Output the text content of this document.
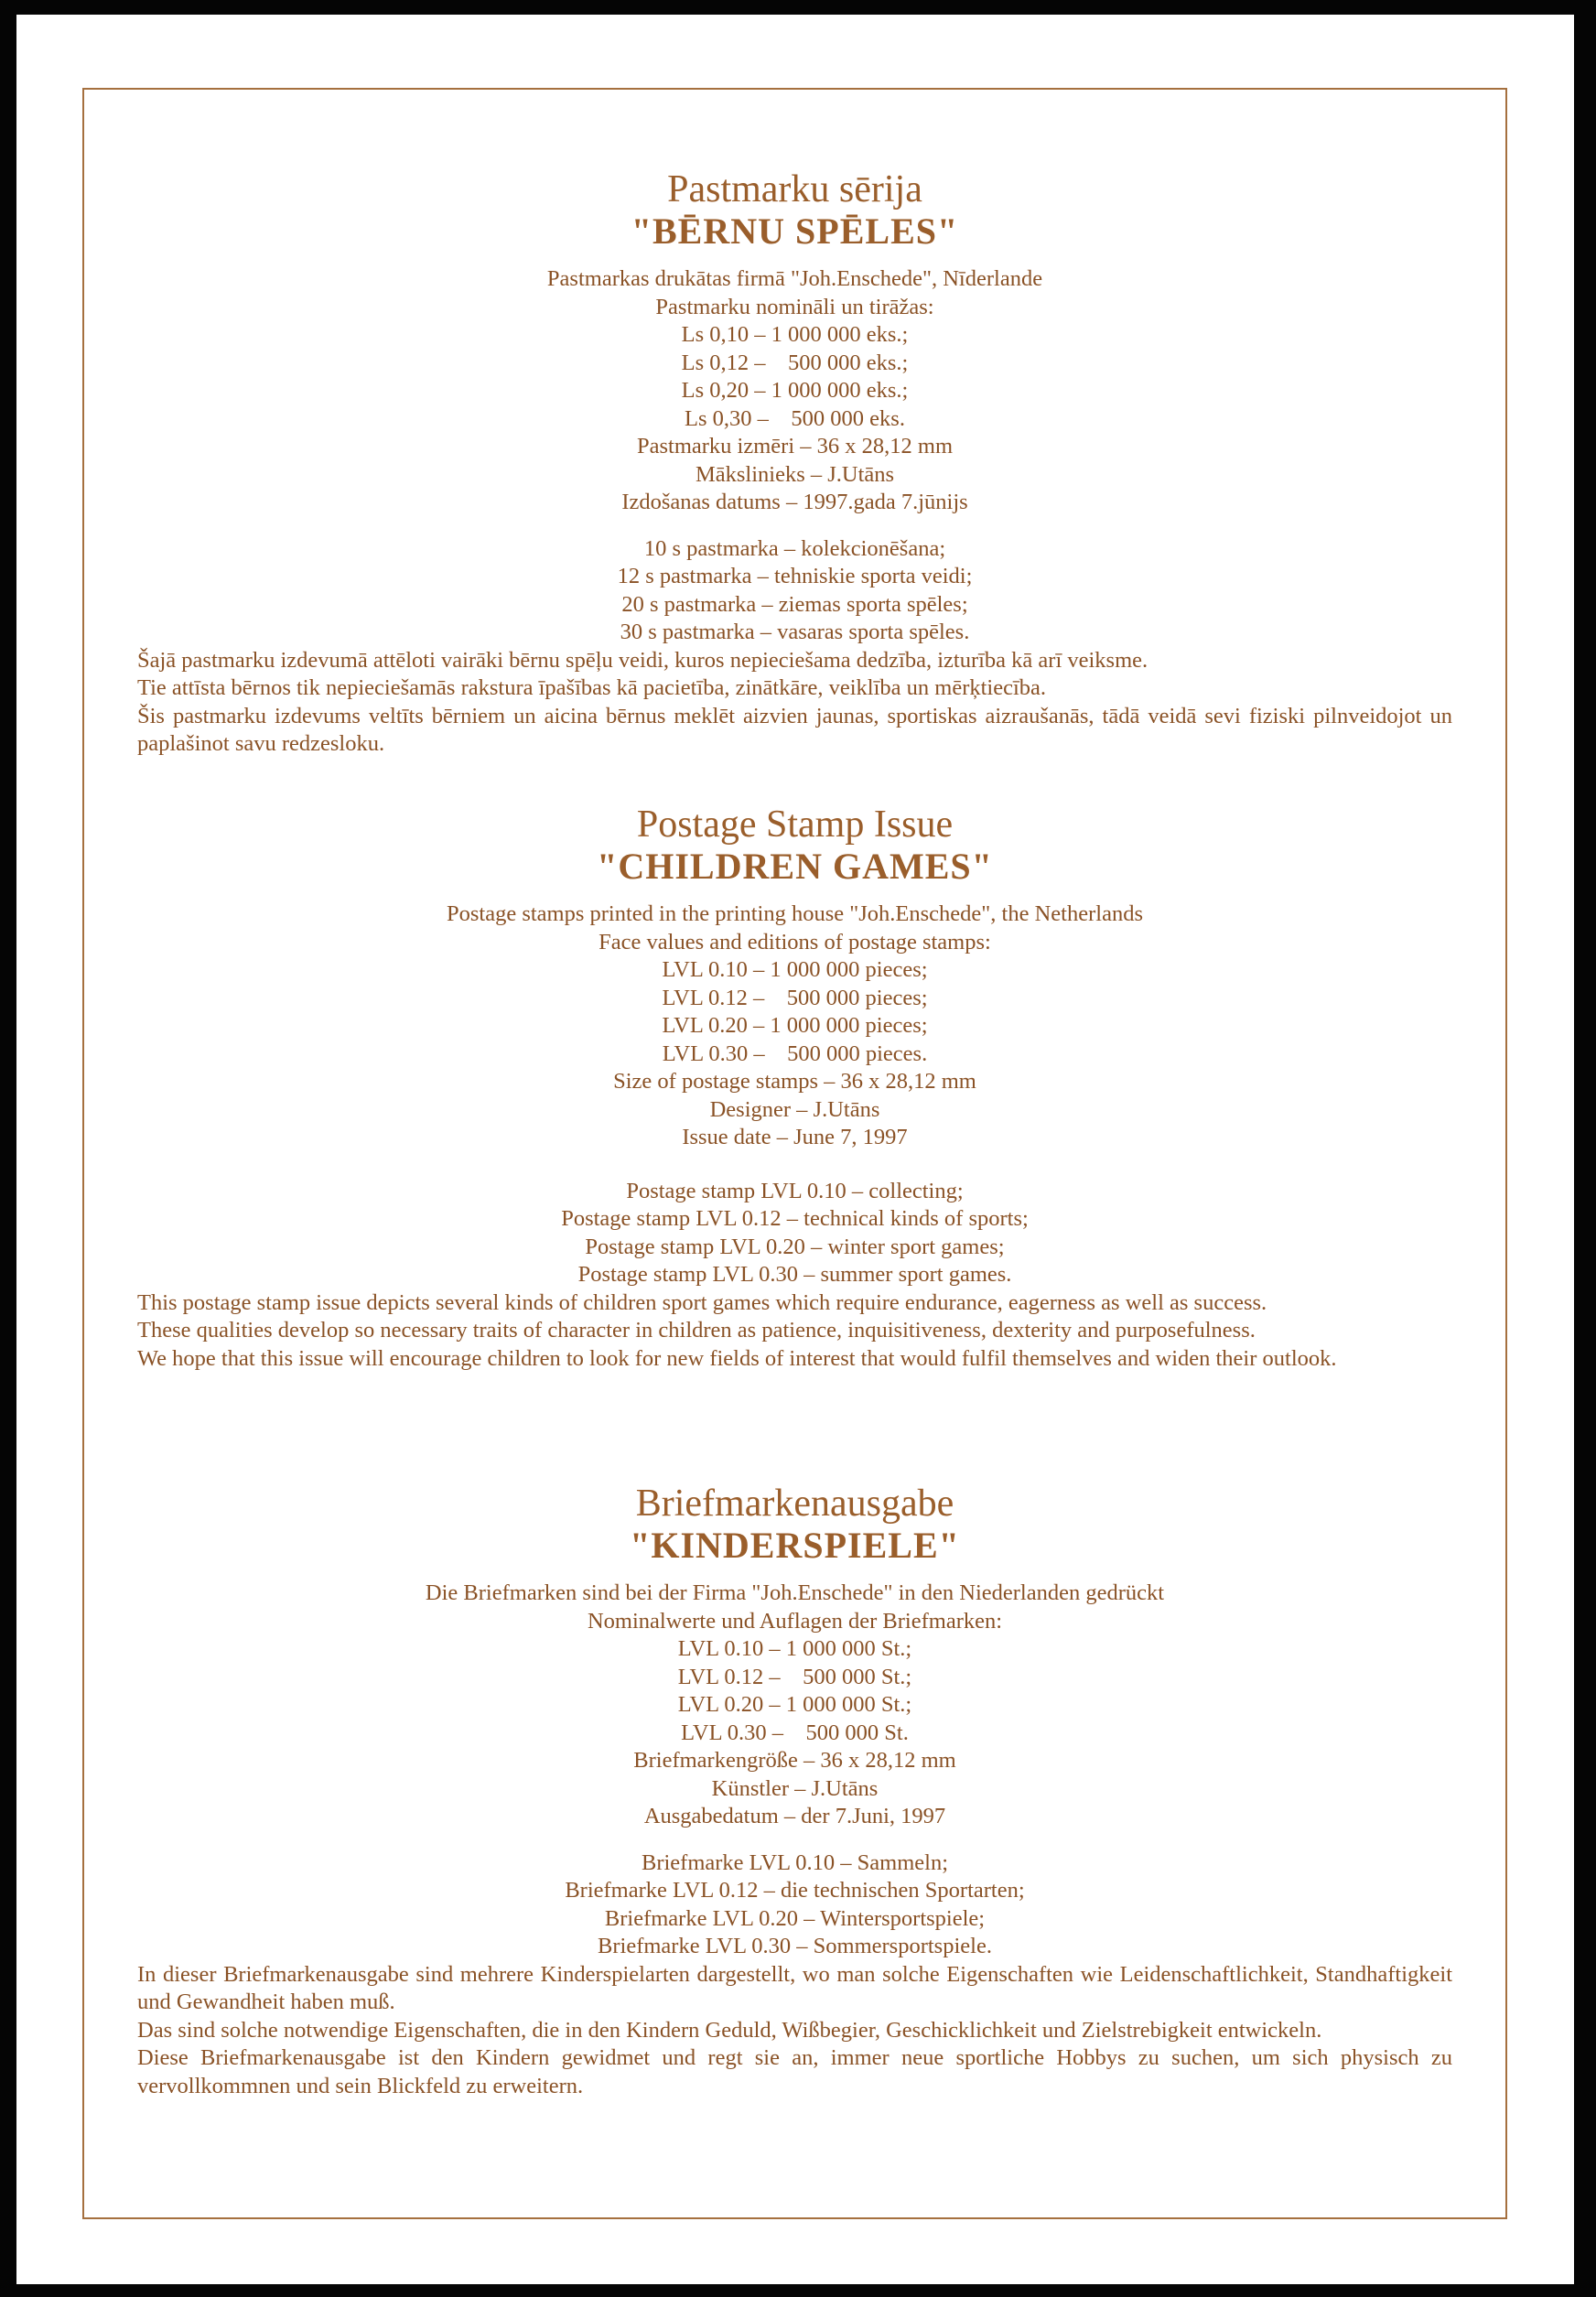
Pastmarku sērija
"BĒRNU SPĒLES"

Pastmarkas drukātas firmā "Joh.Enschede", Nīderlande

Pastmarku nomināli un tirāžas:

Ls 0,10 – 1 000 000 eks.;

Ls 0,12 –    500 000 eks.;

Ls 0,20 – 1 000 000 eks.;

Ls 0,30 –    500 000 eks.

Pastmarku izmēri – 36 x 28,12 mm

Mākslinieks – J.Utāns

Izdošanas datums – 1997.gada 7.jūnijs

10 s pastmarka – kolekcionēšana;

12 s pastmarka – tehniskie sporta veidi;

20 s pastmarka – ziemas sporta spēles;

30 s pastmarka – vasaras sporta spēles.

Šajā pastmarku izdevumā attēloti vairāki bērnu spēļu veidi, kuros nepieciešama dedzība, izturība kā arī veiksme.

Tie attīsta bērnos tik nepieciešamās rakstura īpašības kā pacietība, zinātkāre, veiklība un mērķtiecība.

Šis pastmarku izdevums veltīts bērniem un aicina bērnus meklēt aizvien jaunas, sportiskas aizraušanās, tādā veidā sevi fiziski pilnveidojot un paplašinot savu redzesloku.

Postage Stamp Issue
"CHILDREN GAMES"

Postage stamps printed in the printing house "Joh.Enschede", the Netherlands

Face values and editions of postage stamps:

LVL 0.10 – 1 000 000 pieces;

LVL 0.12 –    500 000 pieces;

LVL 0.20 – 1 000 000 pieces;

LVL 0.30 –    500 000 pieces.

Size of postage stamps – 36 x 28,12 mm

Designer – J.Utāns

Issue date – June 7, 1997

Postage stamp LVL 0.10 – collecting;

Postage stamp LVL 0.12 – technical kinds of sports;

Postage stamp LVL 0.20 – winter sport games;

Postage stamp LVL 0.30 – summer sport games.

This postage stamp issue depicts several kinds of children sport games which require endurance, eagerness as well as success.

These qualities develop so necessary traits of character in children as patience, inquisitiveness, dexterity and purposefulness.

We hope that this issue will encourage children to look for new fields of interest that would fulfil themselves and widen their outlook.

Briefmarkenausgabe
"KINDERSPIELE"

Die Briefmarken sind bei der Firma "Joh.Enschede" in den Niederlanden gedrückt

Nominalwerte und Auflagen der Briefmarken:

LVL 0.10 – 1 000 000 St.;

LVL 0.12 –    500 000 St.;

LVL 0.20 – 1 000 000 St.;

LVL 0.30 –    500 000 St.

Briefmarkengröße – 36 x 28,12 mm

Künstler – J.Utāns

Ausgabedatum – der 7.Juni, 1997

Briefmarke LVL 0.10 – Sammeln;

Briefmarke LVL 0.12 – die technischen Sportarten;

Briefmarke LVL 0.20 – Wintersportspiele;

Briefmarke LVL 0.30 – Sommersportspiele.

In dieser Briefmarkenausgabe sind mehrere Kinderspielarten dargestellt, wo man solche Eigenschaften wie Leidenschaftlichkeit, Standhaftigkeit und Gewandheit haben muß.

Das sind solche notwendige Eigenschaften, die in den Kindern Geduld, Wißbegier, Geschicklichkeit und Zielstrebigkeit entwickeln.

Diese Briefmarkenausgabe ist den Kindern gewidmet und regt sie an, immer neue sportliche Hobbys zu suchen, um sich physisch zu vervollkommnen und sein Blickfeld zu erweitern.
